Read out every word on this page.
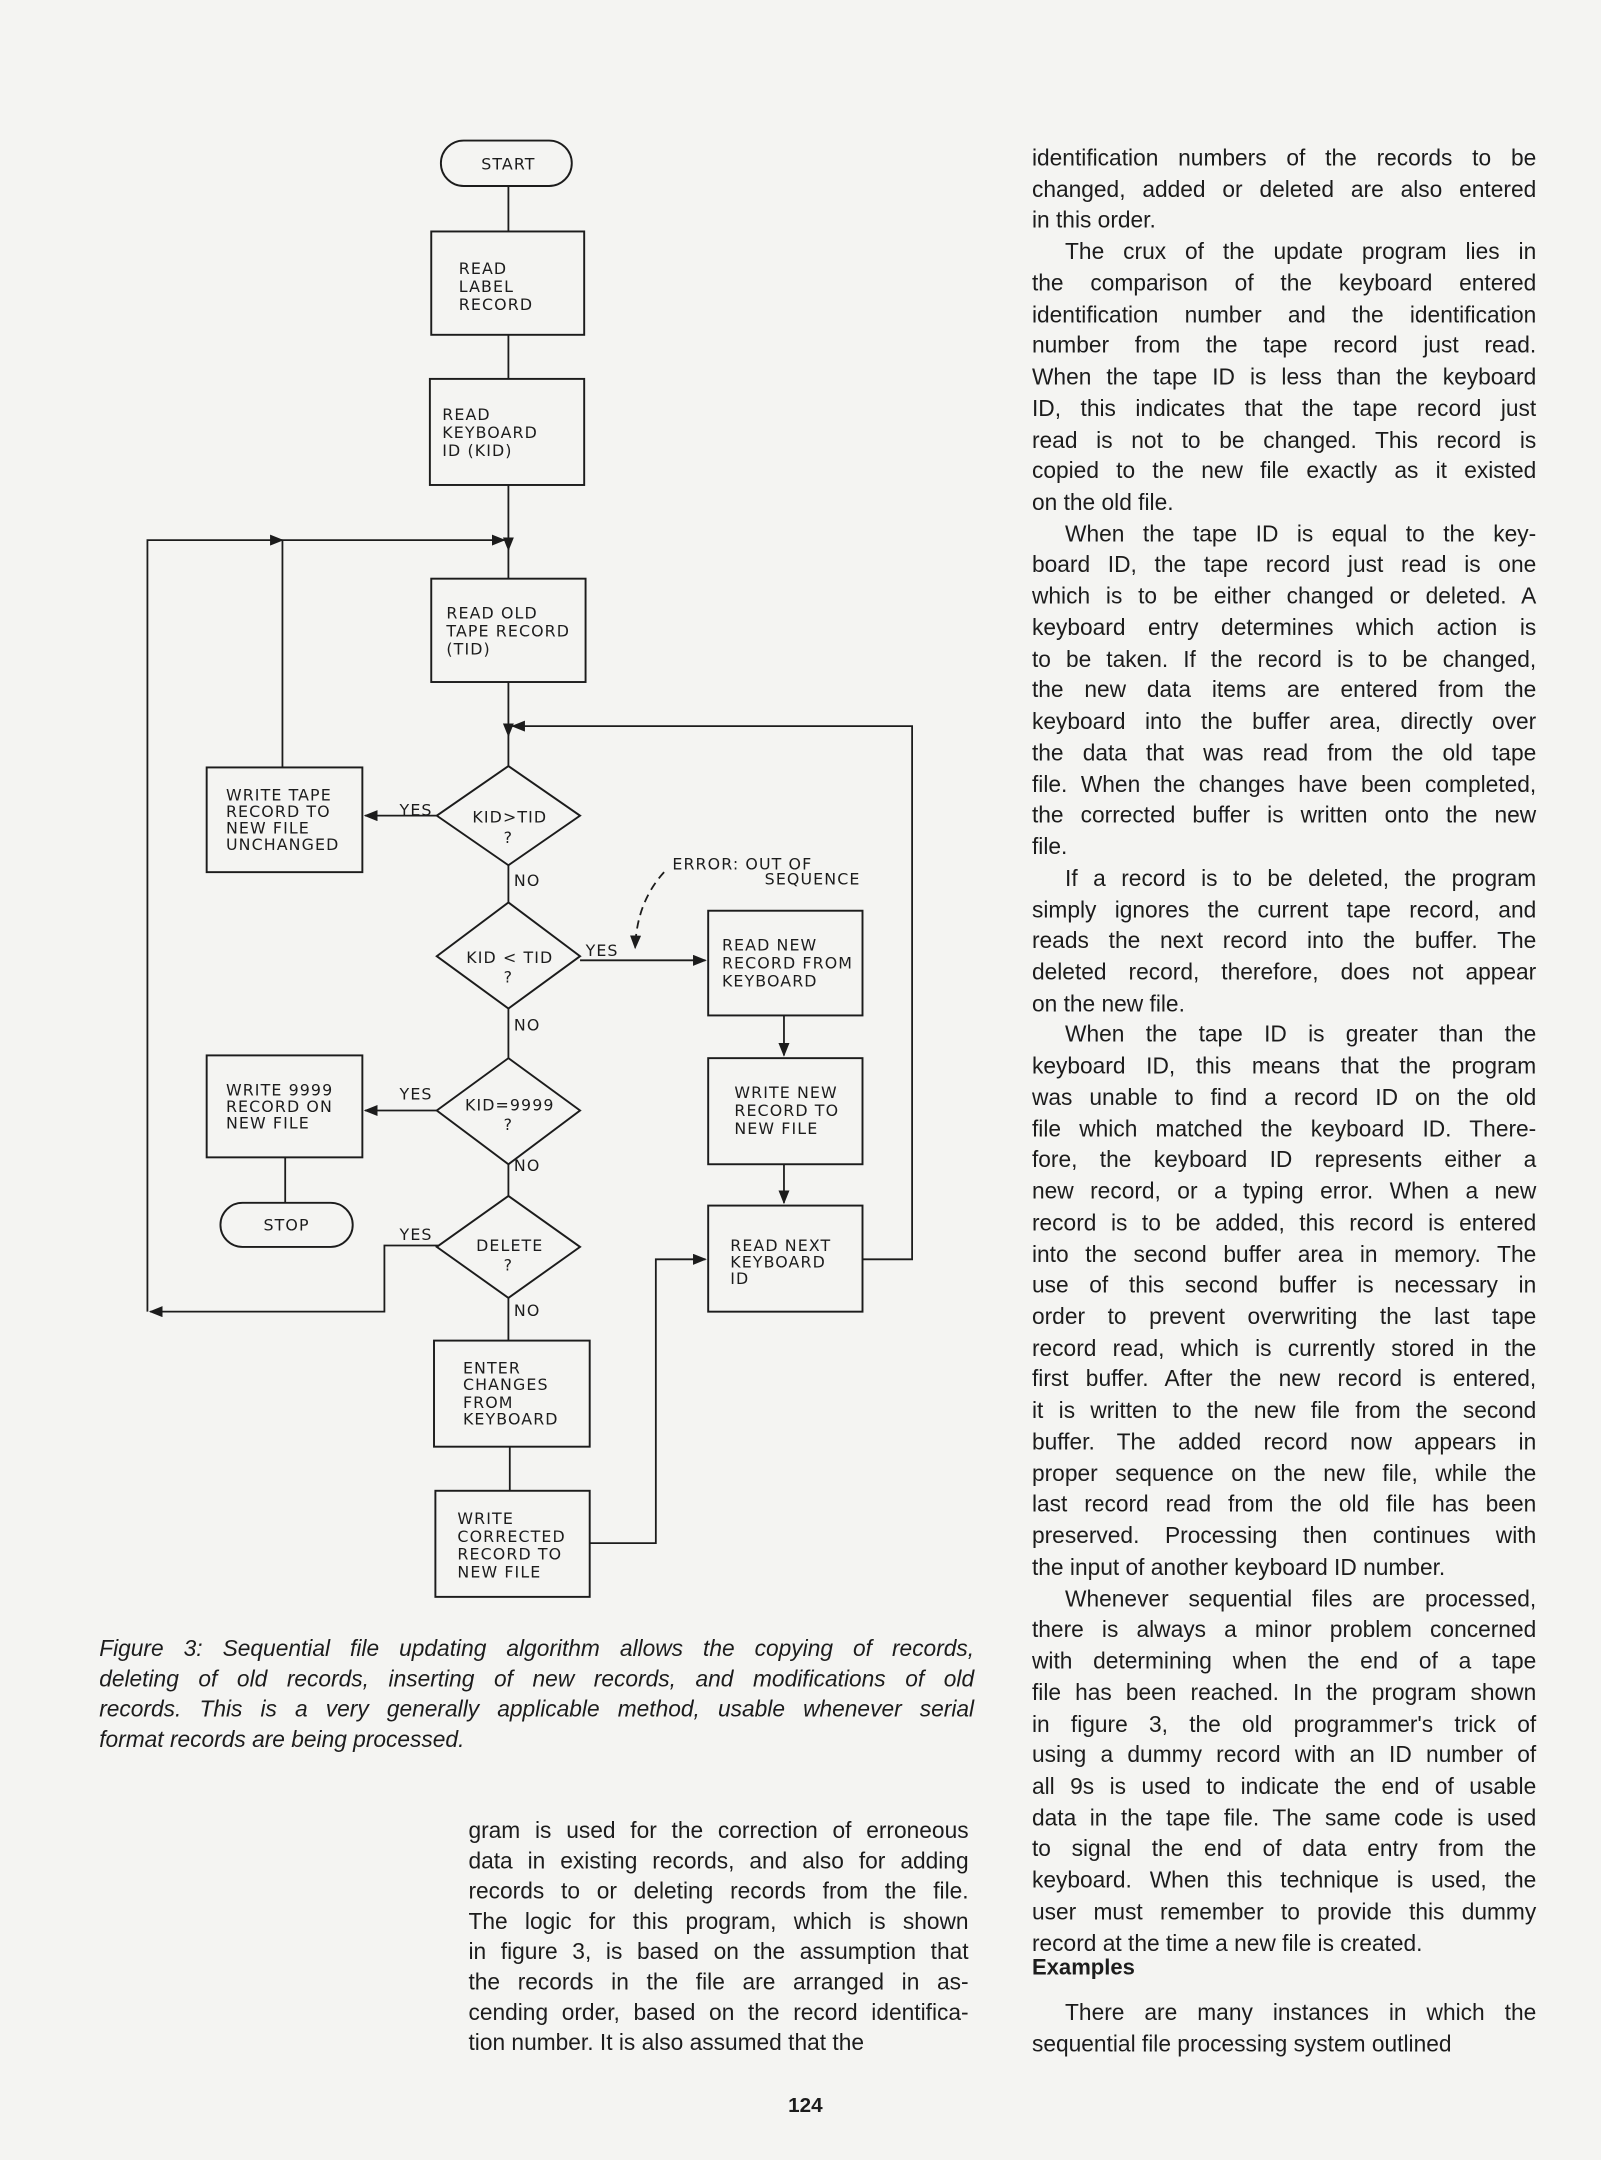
START
READ LABEL RECORD
READ KEYBOARD ID (KID)
READ OLD TAPE RECORD (TID)
KID>TID ?
YES
NO
WRITE TAPE RECORD TO NEW FILE UNCHANGED
ERROR: OUT OF SEQUENCE
KID < TID ?
YES
NO
READ NEW RECORD FROM KEYBOARD
KID=9999 ?
YES
NO
WRITE 9999 RECORD ON NEW FILE
WRITE NEW RECORD TO NEW FILE
STOP
DELETE ?
YES
NO
READ NEXT KEYBOARD ID
ENTER CHANGES FROM KEYBOARD
WRITE CORRECTED RECORD TO NEW FILE
Figure 3: Sequential file updating algorithm allows the copying of records,
deleting of old records, inserting of new records, and modifications of old
records. This is a very generally applicable method, usable whenever serial
format records are being processed.
gram is used for the correction of erroneous
data in existing records, and also for adding
records to or deleting records from the file.
The logic for this program, which is shown
in figure 3, is based on the assumption that
the records in the file are arranged in as-
cending order, based on the record identifica-
tion number. It is also assumed that the
identification numbers of the records to be
changed, added or deleted are also entered
in this order.
The crux of the update program lies in
the comparison of the keyboard entered
identification number and the identification
number from the tape record just read.
When the tape ID is less than the keyboard
ID, this indicates that the tape record just
read is not to be changed. This record is
copied to the new file exactly as it existed
on the old file.
When the tape ID is equal to the key-
board ID, the tape record just read is one
which is to be either changed or deleted. A
keyboard entry determines which action is
to be taken. If the record is to be changed,
the new data items are entered from the
keyboard into the buffer area, directly over
the data that was read from the old tape
file. When the changes have been completed,
the corrected buffer is written onto the new
file.
If a record is to be deleted, the program
simply ignores the current tape record, and
reads the next record into the buffer. The
deleted record, therefore, does not appear
on the new file.
When the tape ID is greater than the
keyboard ID, this means that the program
was unable to find a record ID on the old
file which matched the keyboard ID. There-
fore, the keyboard ID represents either a
new record, or a typing error. When a new
record is to be added, this record is entered
into the second buffer area in memory. The
use of this second buffer is necessary in
order to prevent overwriting the last tape
record read, which is currently stored in the
first buffer. After the new record is entered,
it is written to the new file from the second
buffer. The added record now appears in
proper sequence on the new file, while the
last record read from the old file has been
preserved. Processing then continues with
the input of another keyboard ID number.
Whenever sequential files are processed,
there is always a minor problem concerned
with determining when the end of a tape
file has been reached. In the program shown
in figure 3, the old programmer's trick of
using a dummy record with an ID number of
all 9s is used to indicate the end of usable
data in the tape file. The same code is used
to signal the end of data entry from the
keyboard. When this technique is used, the
user must remember to provide this dummy
record at the time a new file is created.
There are many instances in which the
sequential file processing system outlined
Examples
124
